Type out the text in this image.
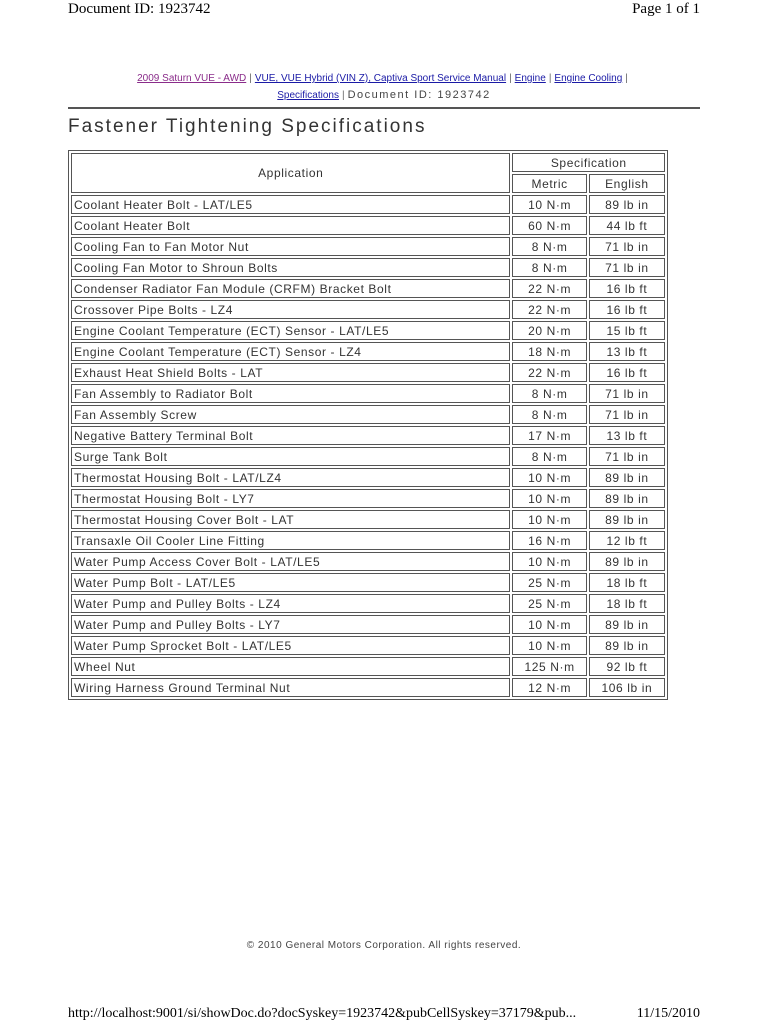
Document ID: 1923742	Page 1 of 1
2009 Saturn VUE - AWD | VUE, VUE Hybrid (VIN Z), Captiva Sport Service Manual | Engine | Engine Cooling |
Specifications | Document ID: 1923742
Fastener Tightening Specifications
Application	Specification	
	Metric	English
Coolant Heater Bolt - LAT/LE5	10 N·m	89 lb in
Coolant Heater Bolt	60 N·m	44 lb ft
Cooling Fan to Fan Motor Nut	8 N·m	71 lb in
Cooling Fan Motor to Shroun Bolts	8 N·m	71 lb in
Condenser Radiator Fan Module (CRFM) Bracket Bolt	22 N·m	16 lb ft
Crossover Pipe Bolts - LZ4	22 N·m	16 lb ft
Engine Coolant Temperature (ECT) Sensor - LAT/LE5	20 N·m	15 lb ft
Engine Coolant Temperature (ECT) Sensor - LZ4	18 N·m	13 lb ft
Exhaust Heat Shield Bolts - LAT	22 N·m	16 lb ft
Fan Assembly to Radiator Bolt	8 N·m	71 lb in
Fan Assembly Screw	8 N·m	71 lb in
Negative Battery Terminal Bolt	17 N·m	13 lb ft
Surge Tank Bolt	8 N·m	71 lb in
Thermostat Housing Bolt - LAT/LZ4	10 N·m	89 lb in
Thermostat Housing Bolt - LY7	10 N·m	89 lb in
Thermostat Housing Cover Bolt - LAT	10 N·m	89 lb in
Transaxle Oil Cooler Line Fitting	16 N·m	12 lb ft
Water Pump Access Cover Bolt - LAT/LE5	10 N·m	89 lb in
Water Pump Bolt - LAT/LE5	25 N·m	18 lb ft
Water Pump and Pulley Bolts - LZ4	25 N·m	18 lb ft
Water Pump and Pulley Bolts - LY7	10 N·m	89 lb in
Water Pump Sprocket Bolt - LAT/LE5	10 N·m	89 lb in
Wheel Nut	125 N·m	92 lb ft
Wiring Harness Ground Terminal Nut	12 N·m	106 lb in
© 2010 General Motors Corporation. All rights reserved.
http://localhost:9001/si/showDoc.do?docSyskey=1923742&pubCellSyskey=37179&pub...	11/15/2010
